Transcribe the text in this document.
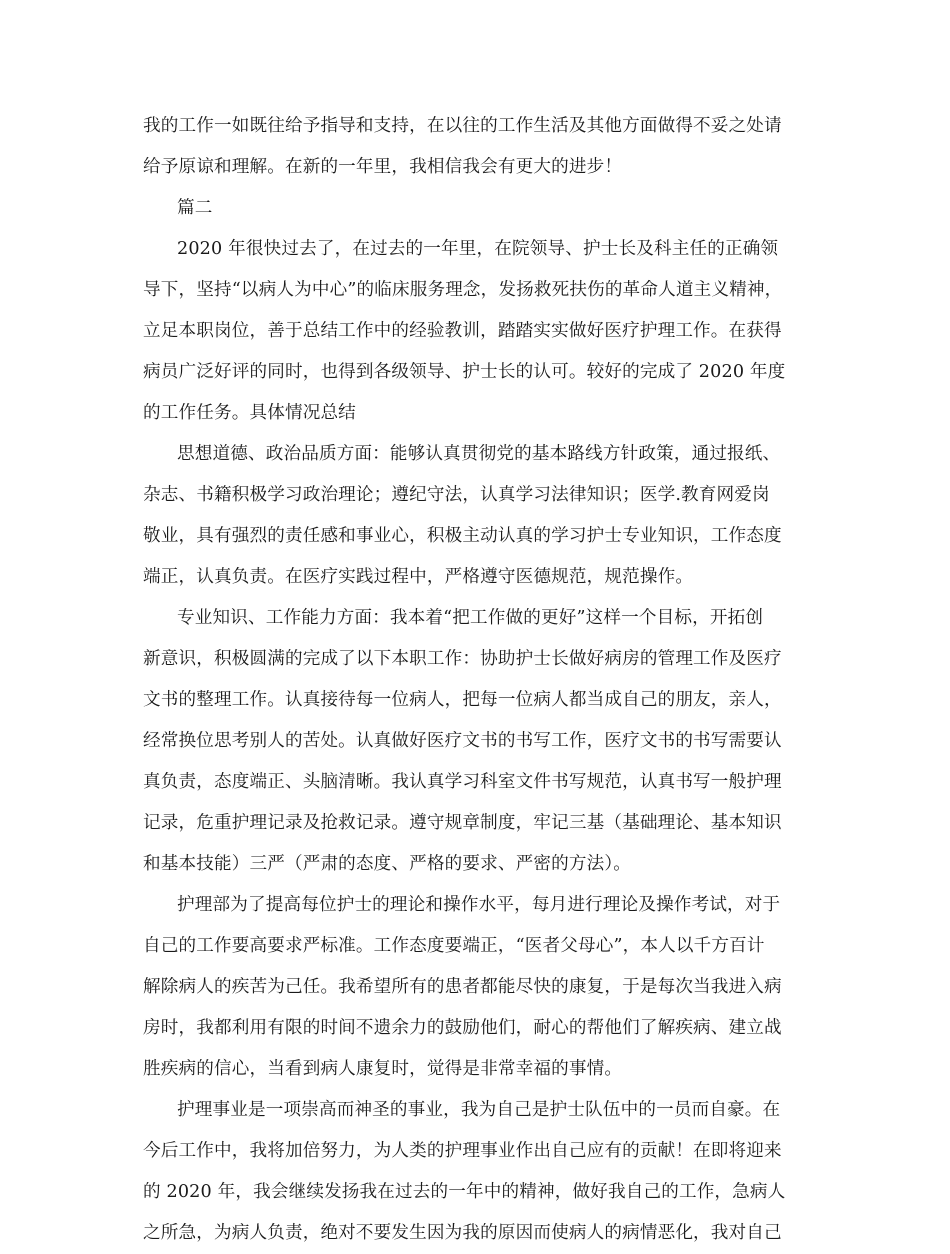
我的工作一如既往给予指导和支持，在以往的工作生活及其他方面做得不妥之处请
给予原谅和理解。在新的一年里，我相信我会有更大的进步！
篇二
2020 年很快过去了，在过去的一年里，在院领导、护士长及科主任的正确领
导下，坚持“以病人为中心”的临床服务理念，发扬救死扶伤的革命人道主义精神，
立足本职岗位，善于总结工作中的经验教训，踏踏实实做好医疗护理工作。在获得
病员广泛好评的同时，也得到各级领导、护士长的认可。较好的完成了 2020 年度
的工作任务。具体情况总结
思想道德、政治品质方面：能够认真贯彻党的基本路线方针政策，通过报纸、
杂志、书籍积极学习政治理论；遵纪守法，认真学习法律知识；医学.教育网爱岗
敬业，具有强烈的责任感和事业心，积极主动认真的学习护士专业知识，工作态度
端正，认真负责。在医疗实践过程中，严格遵守医德规范，规范操作。
专业知识、工作能力方面：我本着“把工作做的更好”这样一个目标，开拓创
新意识，积极圆满的完成了以下本职工作：协助护士长做好病房的管理工作及医疗
文书的整理工作。认真接待每一位病人，把每一位病人都当成自己的朋友，亲人，
经常换位思考别人的苦处。认真做好医疗文书的书写工作，医疗文书的书写需要认
真负责，态度端正、头脑清晰。我认真学习科室文件书写规范，认真书写一般护理
记录，危重护理记录及抢救记录。遵守规章制度，牢记三基（基础理论、基本知识
和基本技能）三严（严肃的态度、严格的要求、严密的方法）。
护理部为了提高每位护士的理论和操作水平，每月进行理论及操作考试，对于
自己的工作要高要求严标准。工作态度要端正，“医者父母心”，本人以千方百计
解除病人的疾苦为己任。我希望所有的患者都能尽快的康复，于是每次当我进入病
房时，我都利用有限的时间不遗余力的鼓励他们，耐心的帮他们了解疾病、建立战
胜疾病的信心，当看到病人康复时，觉得是非常幸福的事情。
护理事业是一项崇高而神圣的事业，我为自己是护士队伍中的一员而自豪。在
今后工作中，我将加倍努力，为人类的护理事业作出自己应有的贡献！在即将迎来
的 2020 年，我会继续发扬我在过去的一年中的精神，做好我自己的工作，急病人
之所急，为病人负责，绝对不要发生因为我的原因而使病人的病情恶化，我对自己
